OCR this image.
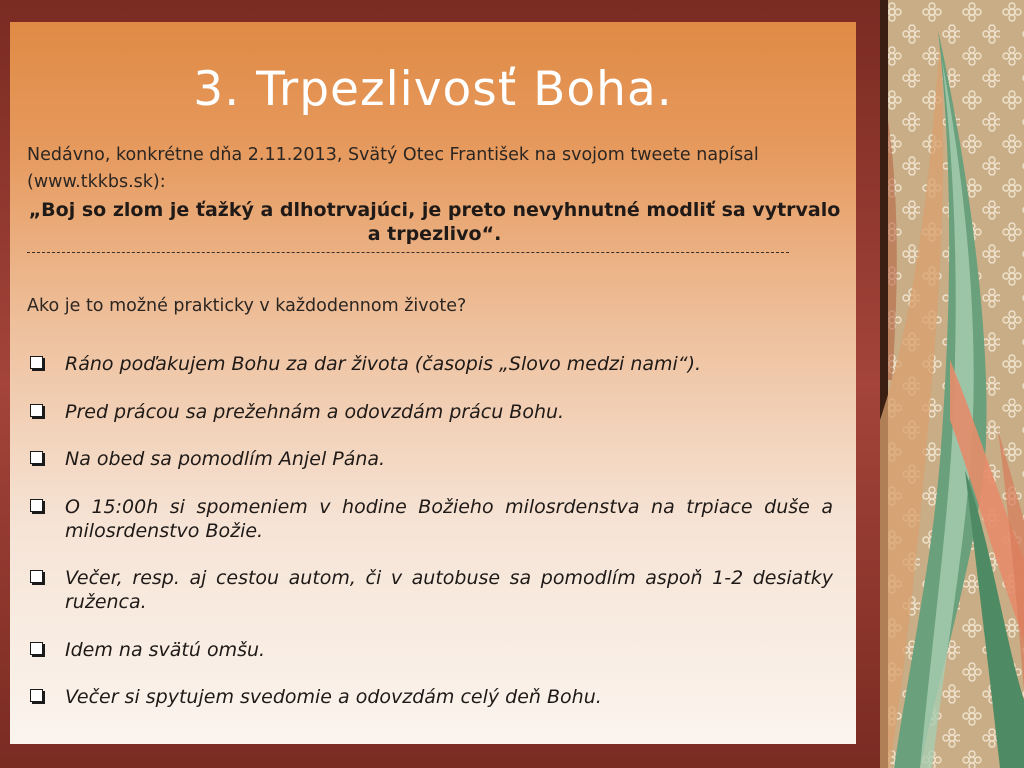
3. Trpezlivosť Boha.
Nedávno, konkrétne dňa 2.11.2013, Svätý Otec František na svojom tweete napísal (www.tkkbs.sk):
„Boj so zlom je ťažký a dlhotrvajúci, je preto nevyhnutné modliť sa vytrvalo a trpezlivo“.
Ako je to možné prakticky v každodennom živote?
Ráno poďakujem Bohu za dar života (časopis „Slovo medzi nami“).
Pred prácou sa prežehnám a odovzdám prácu Bohu.
Na obed sa pomodlím Anjel Pána.
O 15:00h si spomeniem v hodine Božieho milosrdenstva na trpiace duše a milosrdenstvo Božie.
Večer, resp. aj cestou autom, či v autobuse sa pomodlím aspoň 1-2 desiatky ruženca.
Idem na svätú omšu.
Večer si spytujem svedomie a odovzdám celý deň Bohu.
